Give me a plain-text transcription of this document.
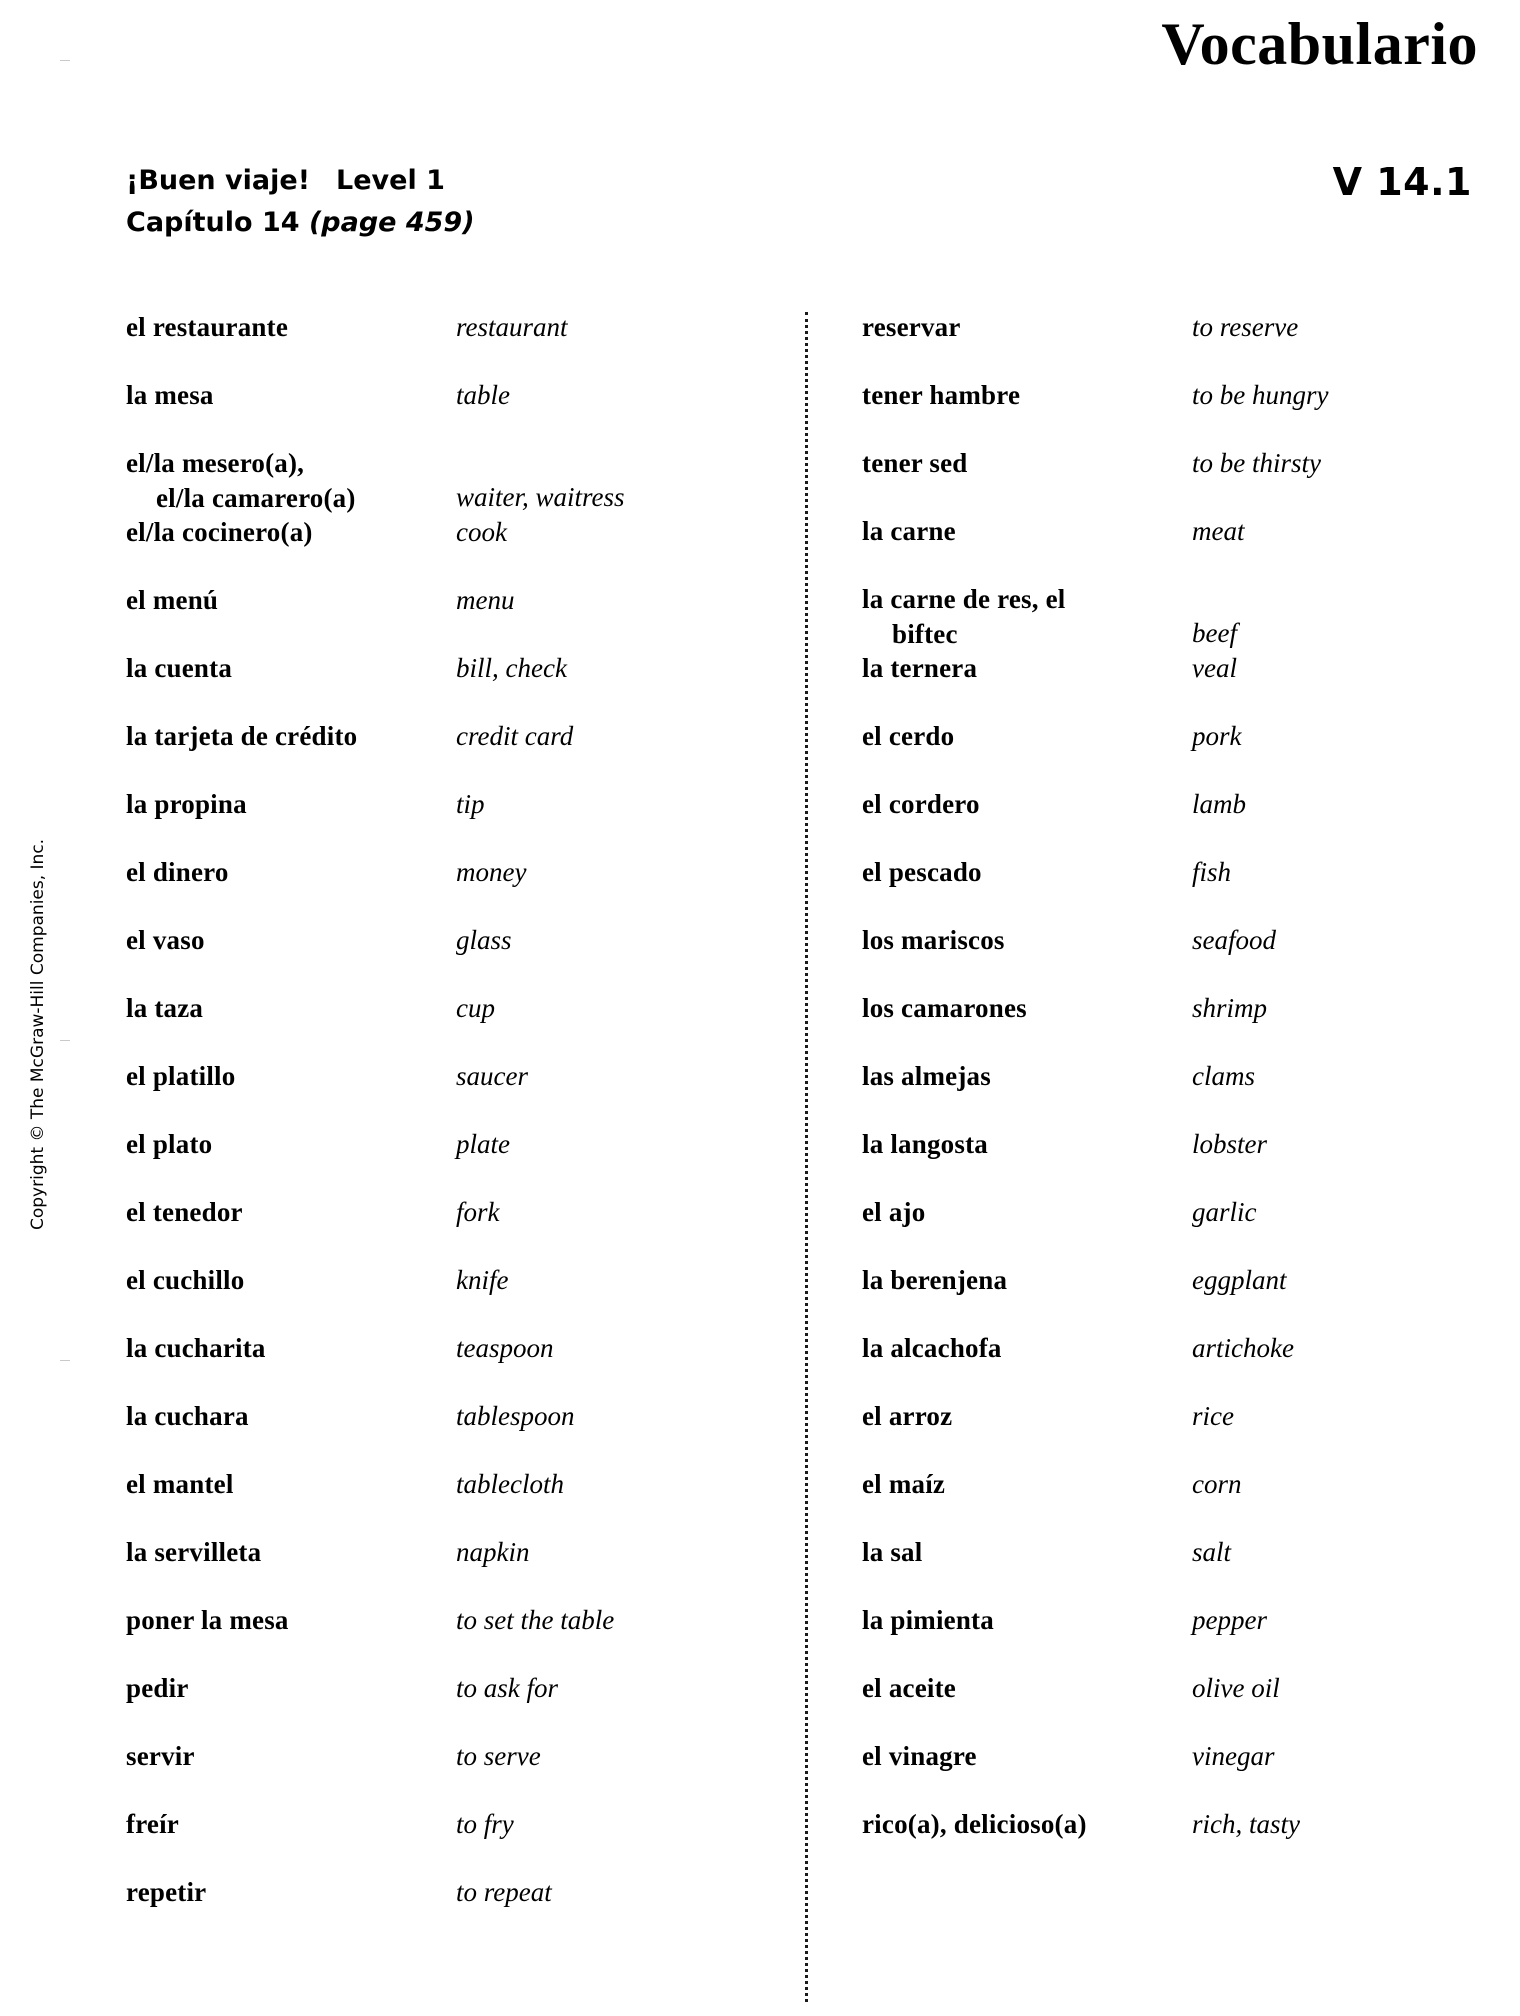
Vocabulario
¡Buen viaje! Level 1
Capítulo 14 (page 459)
V 14.1
el restaurante	restaurant
la mesa	table
el/la mesero(a),
el/la camarero(a)	waiter, waitress
el/la cocinero(a)	cook
el menú	menu
la cuenta	bill, check
la tarjeta de crédito	credit card
la propina	tip
el dinero	money
el vaso	glass
la taza	cup
el platillo	saucer
el plato	plate
el tenedor	fork
el cuchillo	knife
la cucharita	teaspoon
la cuchara	tablespoon
el mantel	tablecloth
la servilleta	napkin
poner la mesa	to set the table
pedir	to ask for
servir	to serve
freír	to fry
repetir	to repeat
reservar	to reserve
tener hambre	to be hungry
tener sed	to be thirsty
la carne	meat
la carne de res, el
biftec	beef
la ternera	veal
el cerdo	pork
el cordero	lamb
el pescado	fish
los mariscos	seafood
los camarones	shrimp
las almejas	clams
la langosta	lobster
el ajo	garlic
la berenjena	eggplant
la alcachofa	artichoke
el arroz	rice
el maíz	corn
la sal	salt
la pimienta	pepper
el aceite	olive oil
el vinagre	vinegar
rico(a), delicioso(a)	rich, tasty
Copyright © The McGraw-Hill Companies, Inc.
